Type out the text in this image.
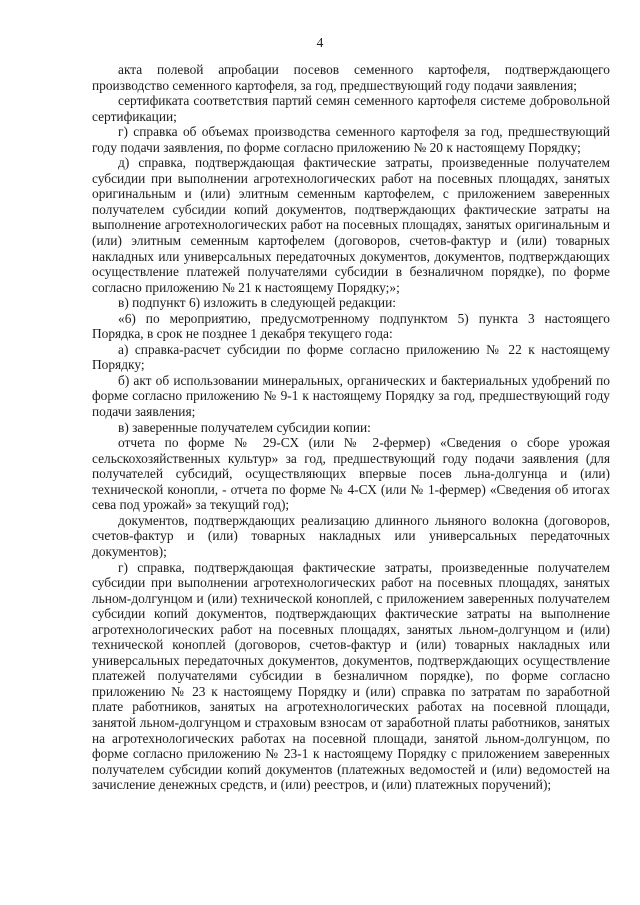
4

акта полевой апробации посевов семенного картофеля, подтверждающего производство семенного картофеля, за год, предшествующий году подачи заявления;

сертификата соответствия партий семян семенного картофеля системе добровольной сертификации;

г) справка об объемах производства семенного картофеля за год, предшествующий году подачи заявления, по форме согласно приложению № 20 к настоящему Порядку;

д) справка, подтверждающая фактические затраты, произведенные получателем субсидии при выполнении агротехнологических работ на посевных площадях, занятых оригинальным и (или) элитным семенным картофелем, с приложением заверенных получателем субсидии копий документов, подтверждающих фактические затраты на выполнение агротехнологических работ на посевных площадях, занятых оригинальным и (или) элитным семенным картофелем (договоров, счетов-фактур и (или) товарных накладных или универсальных передаточных документов, документов, подтверждающих осуществление платежей получателями субсидии в безналичном порядке), по форме согласно приложению № 21 к настоящему Порядку;»;

в) подпункт 6) изложить в следующей редакции:

«6) по мероприятию, предусмотренному подпунктом 5) пункта 3 настоящего Порядка, в срок не позднее 1 декабря текущего года:

а) справка-расчет субсидии по форме согласно приложению № 22 к настоящему Порядку;

б) акт об использовании минеральных, органических и бактериальных удобрений по форме согласно приложению № 9-1 к настоящему Порядку за год, предшествующий году подачи заявления;

в) заверенные получателем субсидии копии:

отчета по форме № 29-СХ (или № 2-фермер) «Сведения о сборе урожая сельскохозяйственных культур» за год, предшествующий году подачи заявления (для получателей субсидий, осуществляющих впервые посев льна-долгунца и (или) технической конопли, - отчета по форме № 4-СХ (или № 1-фермер) «Сведения об итогах сева под урожай» за текущий год);

документов, подтверждающих реализацию длинного льняного волокна (договоров, счетов-фактур и (или) товарных накладных или универсальных передаточных документов);

г) справка, подтверждающая фактические затраты, произведенные получателем субсидии при выполнении агротехнологических работ на посевных площадях, занятых льном-долгунцом и (или) технической коноплей, с приложением заверенных получателем субсидии копий документов, подтверждающих фактические затраты на выполнение агротехнологических работ на посевных площадях, занятых льном-долгунцом и (или) технической коноплей (договоров, счетов-фактур и (или) товарных накладных или универсальных передаточных документов, документов, подтверждающих осуществление платежей получателями субсидии в безналичном порядке), по форме согласно приложению № 23 к настоящему Порядку и (или) справка по затратам по заработной плате работников, занятых на агротехнологических работах на посевной площади, занятой льном-долгунцом и страховым взносам от заработной платы работников, занятых на агротехнологических работах на посевной площади, занятой льном-долгунцом, по форме согласно приложению № 23-1 к настоящему Порядку с приложением заверенных получателем субсидии копий документов (платежных ведомостей и (или) ведомостей на зачисление денежных средств, и (или) реестров, и (или) платежных поручений);
